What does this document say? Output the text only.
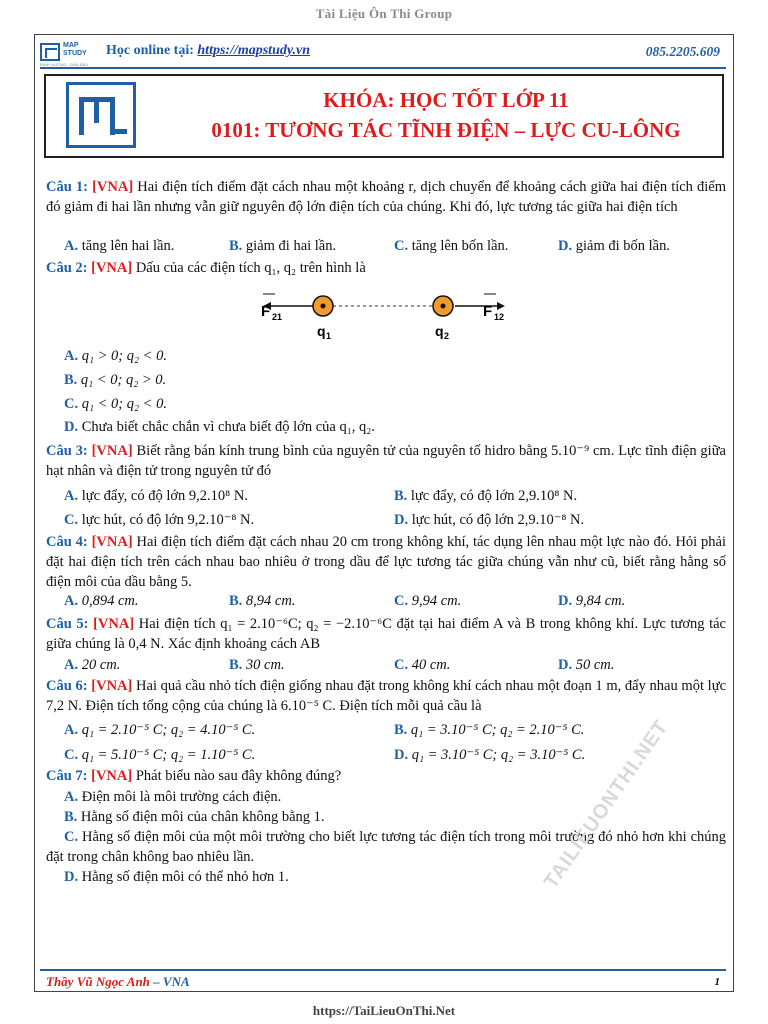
Tài Liệu Ôn Thi Group
MAP STUDY
ĐỊNH HƯỚNG - DẪN ĐẦU
Học online tại: https://mapstudy.vn	085.2205.609
KHÓA: HỌC TỐT LỚP 11
0101: TƯƠNG TÁC TĨNH ĐIỆN – LỰC CU-LÔNG
Câu 1: [VNA] Hai điện tích điểm đặt cách nhau một khoảng r, dịch chuyển để khoảng cách giữa hai điện tích điểm đó giảm đi hai lần nhưng vẫn giữ nguyên độ lớn điện tích của chúng. Khi đó, lực tương tác giữa hai điện tích
A. tăng lên hai lần.	B. giảm đi hai lần.	C. tăng lên bốn lần.	D. giảm đi bốn lần.
Câu 2: [VNA] Dấu của các điện tích q₁, q₂ trên hình là
F 21	F 12
q 1	q 2
A. q₁ > 0; q₂ < 0.
B. q₁ < 0; q₂ > 0.
C. q₁ < 0; q₂ < 0.
D. Chưa biết chắc chắn vì chưa biết độ lớn của q₁, q₂.
Câu 3: [VNA] Biết rằng bán kính trung bình của nguyên tử của nguyên tố hidro bằng 5.10⁻⁹ cm. Lực tĩnh điện giữa hạt nhân và điện tử trong nguyên tử đó
A. lực đẩy, có độ lớn 9,2.10⁸ N.	B. lực đẩy, có độ lớn 2,9.10⁸ N.
C. lực hút, có độ lớn 9,2.10⁻⁸ N.	D. lực hút, có độ lớn 2,9.10⁻⁸ N.
Câu 4: [VNA] Hai điện tích điểm đặt cách nhau 20 cm trong không khí, tác dụng lên nhau một lực nào đó. Hỏi phải đặt hai điện tích trên cách nhau bao nhiêu ở trong dầu để lực tương tác giữa chúng vẫn như cũ, biết rằng hằng số điện môi của dầu bằng 5.
A. 0,894 cm.	B. 8,94 cm.	C. 9,94 cm.	D. 9,84 cm.
Câu 5: [VNA] Hai điện tích q₁ = 2.10⁻⁶C; q₂ = −2.10⁻⁶C đặt tại hai điểm A và B trong không khí. Lực tương tác giữa chúng là 0,4 N. Xác định khoảng cách AB
A. 20 cm.	B. 30 cm.	C. 40 cm.	D. 50 cm.
Câu 6: [VNA] Hai quả cầu nhỏ tích điện giống nhau đặt trong không khí cách nhau một đoạn 1 m, đẩy nhau một lực 7,2 N. Điện tích tổng cộng của chúng là 6.10⁻⁵ C. Điện tích mỗi quả cầu là
A. q₁ = 2.10⁻⁵ C; q₂ = 4.10⁻⁵ C.	B. q₁ = 3.10⁻⁵ C; q₂ = 2.10⁻⁵ C.
C. q₁ = 5.10⁻⁵ C; q₂ = 1.10⁻⁵ C.	D. q₁ = 3.10⁻⁵ C; q₂ = 3.10⁻⁵ C.
Câu 7: [VNA] Phát biểu nào sau đây không đúng?
A. Điện môi là môi trường cách điện.
B. Hằng số điện môi của chân không bằng 1.
C. Hằng số điện môi của một môi trường cho biết lực tương tác điện tích trong môi trường đó nhỏ hơn khi chúng đặt trong chân không bao nhiêu lần.
D. Hằng số điện môi có thể nhỏ hơn 1.	TAILIEUONTHI.NET
Thầy Vũ Ngọc Anh – VNA	1
https://TaiLieuOnThi.Net
